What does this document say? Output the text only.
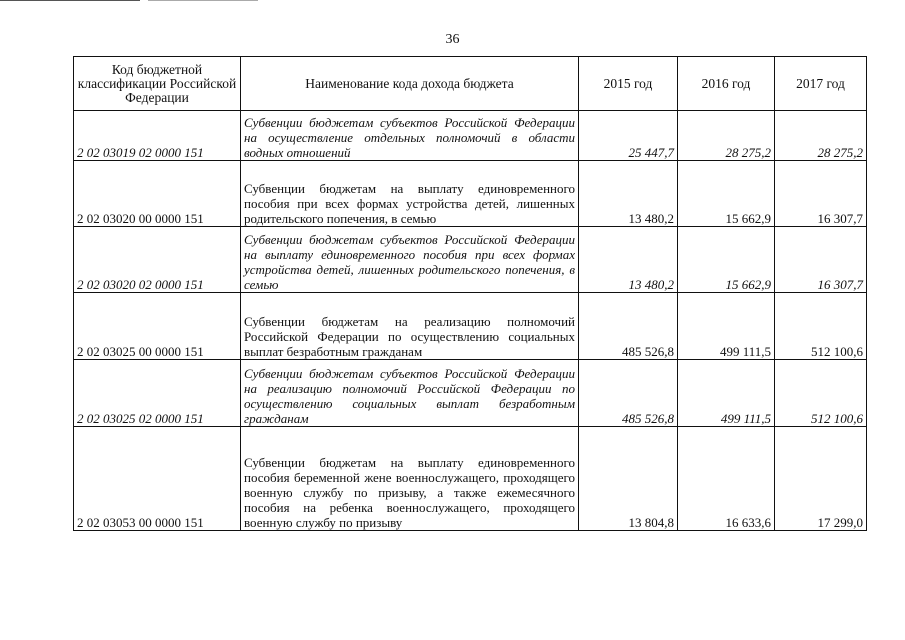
36
Код бюджетной классификации Российской Федерации	Наименование кода дохода бюджета	2015 год	2016 год	2017 год
2 02 03019 02 0000 151	Субвенции бюджетам субъектов Российской Федерации на осуществление отдельных полномочий в области водных отношений	25 447,7	28 275,2	28 275,2
2 02 03020 00 0000 151	Субвенции бюджетам на выплату единовременного пособия при всех формах устройства детей, лишенных родительского попечения, в семью	13 480,2	15 662,9	16 307,7
2 02 03020 02 0000 151	Субвенции бюджетам субъектов Российской Федерации на выплату единовременного пособия при всех формах устройства детей, лишенных родительского попечения, в семью	13 480,2	15 662,9	16 307,7
2 02 03025 00 0000 151	Субвенции бюджетам на реализацию полномочий Российской Федерации по осуществлению социальных выплат безработным гражданам	485 526,8	499 111,5	512 100,6
2 02 03025 02 0000 151	Субвенции бюджетам субъектов Российской Федерации на реализацию полномочий Российской Федерации по осуществлению социальных выплат безработным гражданам	485 526,8	499 111,5	512 100,6
2 02 03053 00 0000 151	Субвенции бюджетам на выплату единовременного пособия беременной жене военнослужащего, проходящего военную службу по призыву, а также ежемесячного пособия на ребенка военнослужащего, проходящего военную службу по призыву	13 804,8	16 633,6	17 299,0
